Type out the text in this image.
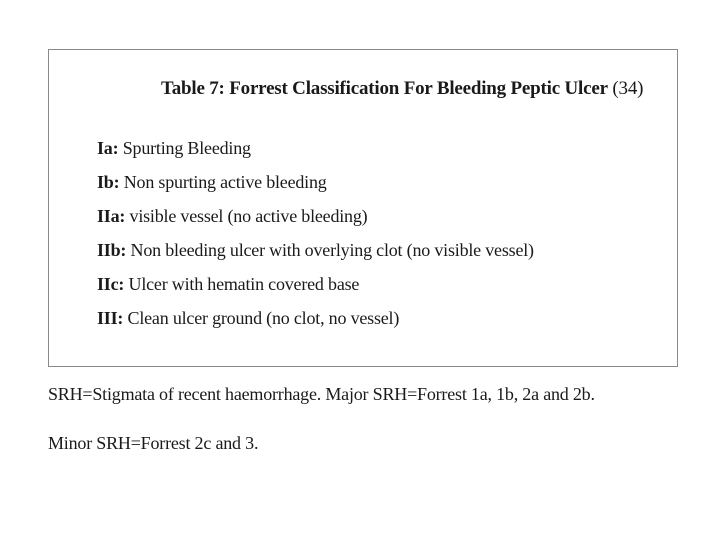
Table 7: Forrest Classification For Bleeding Peptic Ulcer (34)
Ia: Spurting Bleeding
Ib: Non spurting active bleeding
IIa: visible vessel (no active bleeding)
IIb: Non bleeding ulcer with overlying clot (no visible vessel)
IIc: Ulcer with hematin covered base
III: Clean ulcer ground (no clot, no vessel)
SRH=Stigmata of recent haemorrhage. Major SRH=Forrest 1a, 1b, 2a and 2b.
Minor SRH=Forrest 2c and 3.
